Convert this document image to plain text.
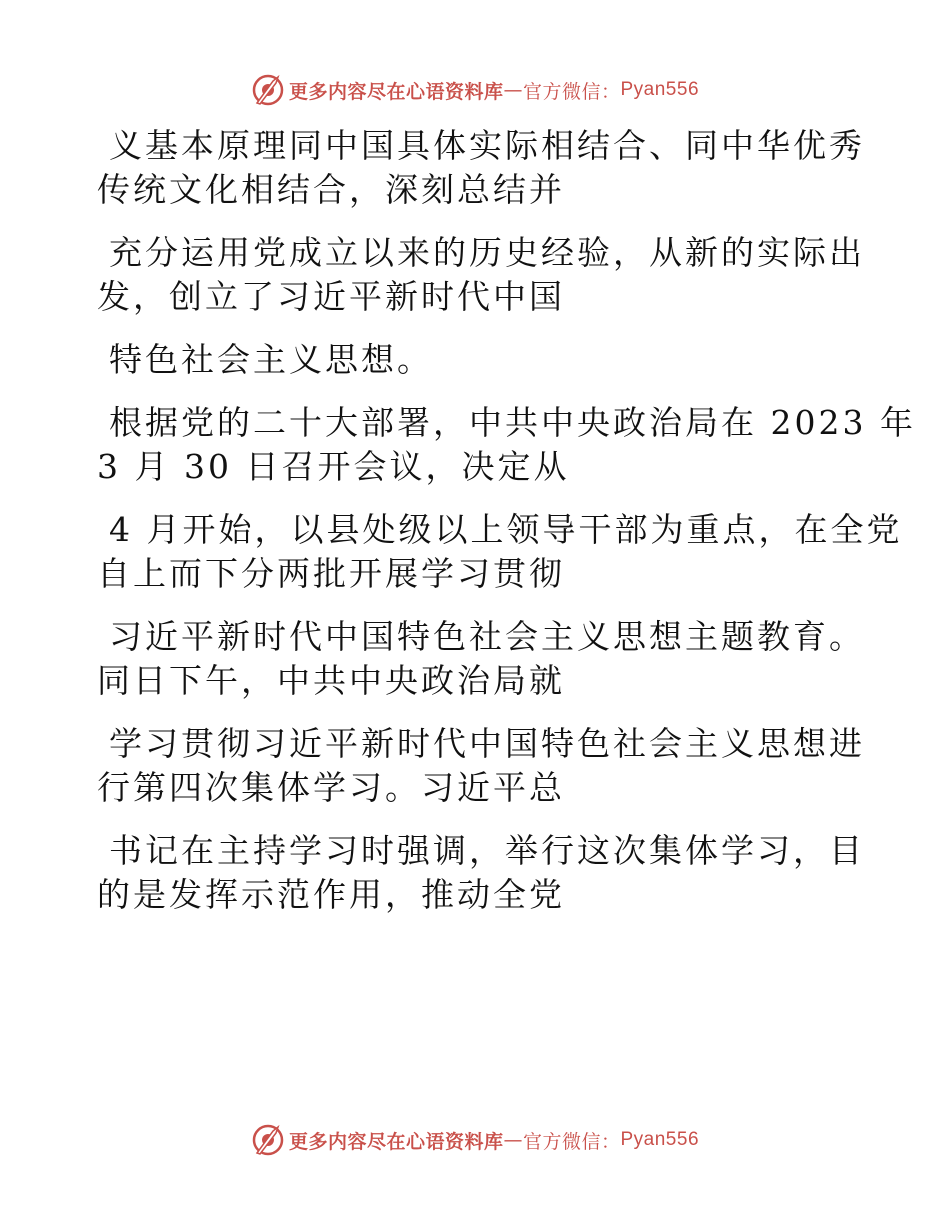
更多内容尽在心语资料库 — 官方微信： Pyan556

义基本原理同中国具体实际相结合、同中华优秀
传统文化相结合，深刻总结并

充分运用党成立以来的历史经验，从新的实际出
发，创立了习近平新时代中国

特色社会主义思想。

根据党的二十大部署，中共中央政治局在 2023 年
3 月 30 日召开会议，决定从

4 月开始，以县处级以上领导干部为重点，在全党
自上而下分两批开展学习贯彻

习近平新时代中国特色社会主义思想主题教育。
同日下午，中共中央政治局就

学习贯彻习近平新时代中国特色社会主义思想进
行第四次集体学习。习近平总

书记在主持学习时强调，举行这次集体学习，目
的是发挥示范作用，推动全党

更多内容尽在心语资料库 — 官方微信： Pyan556
